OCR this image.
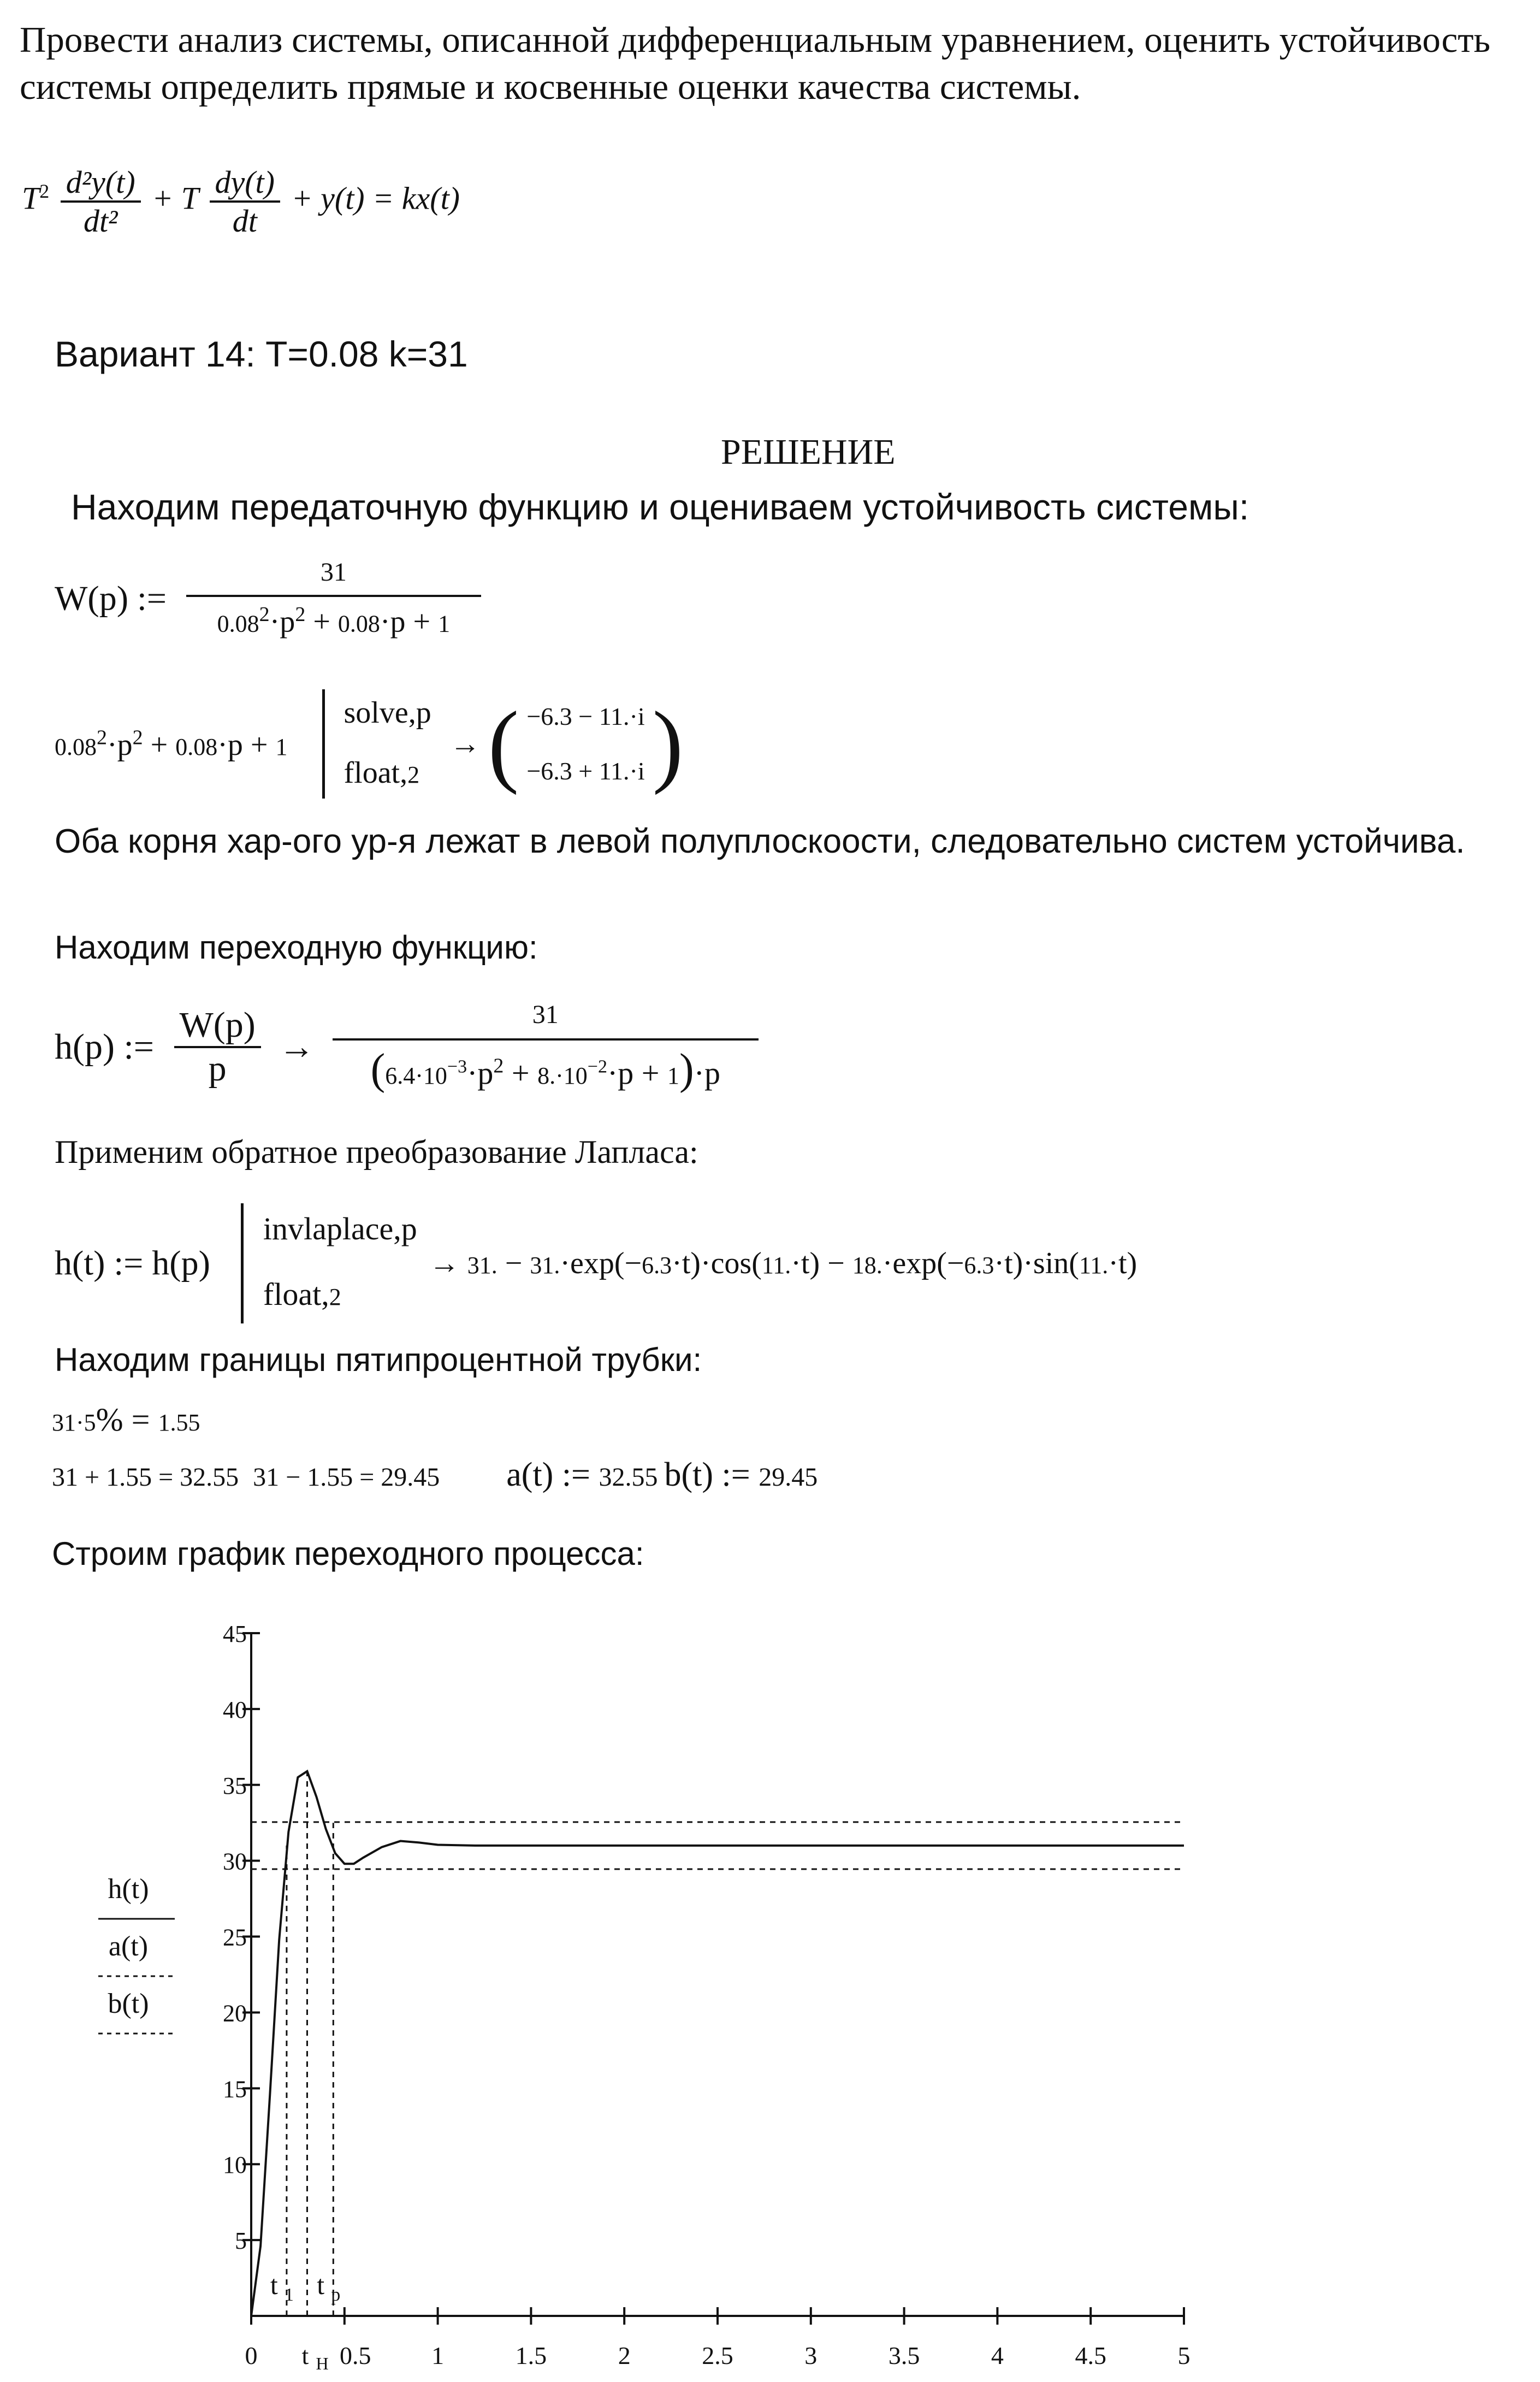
Провести анализ системы, описанной дифференциальным уравнением, оценить устойчивость системы определить прямые и косвенные оценки качества системы.
$T^2 \frac{\text{d²y(t)}}{\text{dt²}} + T \frac{dy(t)}{dt} + y(t) = kx(t)$
Вариант 14: T=0.08 k=31
РЕШЕНИЕ
Находим передаточную функцию и оцениваем устойчивость системы:
W(p) := $\frac{31}{0.08^2\cdot p^2 + 0.08\cdot p + 1}$
$0.08^2\cdot p^2 + 0.08\cdot p + 1$
solve,p
float,2
→ ( −6.3 − 11.·i
−6.3 + 11.·i )
Оба корня хар-ого ур-я лежат в левой полуплоскоости, следовательно систем устойчива.
Находим переходную функцию:
h(p) := $\frac{W(p)}{p} \to \frac{31}{(6.4\cdot 10^{-3}\cdot p^2 + 8.\cdot 10^{-2}\cdot p + 1)\cdot p}$
Применим обратное преобразование Лапласа:
h(t) := h(p)
invlaplace,p
float,2
→ 31. − 31.·exp(−6.3·t)·cos(11.·t) − 18.·exp(−6.3·t)·sin(11.·t)
Находим границы пятипроцентной трубки:
31·5% = 1.55
31 + 1.55 = 32.55 31 − 1.55 = 29.45 a(t) := 32.55 b(t) := 29.45
Строим график переходного процесса:
0	0.5 1	1.5	2	2.5	3	3.5	4	4.5	5
5
10
15
20
25
30
35
40
45
t 1
t H
t p
h(t)
a(t)
b(t)
